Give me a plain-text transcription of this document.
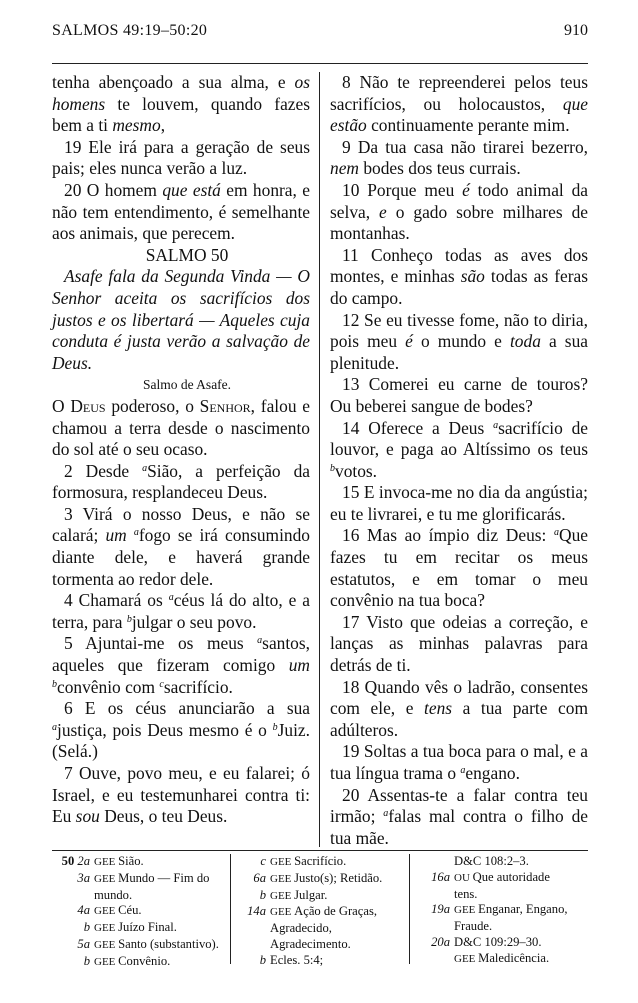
SALMOS 49:19–50:20	910

tenha abençoado a sua alma, e os homens te louvem, quando fazes bem a ti mesmo,

19 Ele irá para a geração de seus pais; eles nunca verão a luz.

20 O homem que está em honra, e não tem entendimento, é semelhante aos animais, que perecem.

SALMO 50

Asafe fala da Segunda Vinda — O Senhor aceita os sacrifícios dos justos e os libertará — Aqueles cuja conduta é justa verão a salvação de Deus.

Salmo de Asafe.

O Deus poderoso, o Senhor, falou e chamou a terra desde o nascimento do sol até o seu ocaso.

2 Desde $^a$Sião, a perfeição da formosura, resplandeceu Deus.

3 Virá o nosso Deus, e não se calará; um $^a$fogo se irá consumindo diante dele, e haverá grande tormenta ao redor dele.

4 Chamará os $^a$céus lá do alto, e a terra, para $^b$julgar o seu povo.

5 Ajuntai-me os meus $^a$santos, aqueles que fizeram comigo um $^b$convênio com $^c$sacrifício.

6 E os céus anunciarão a sua $^a$justiça, pois Deus mesmo é o $^b$Juiz. (Selá.)

7 Ouve, povo meu, e eu falarei; ó Israel, e eu testemunharei contra ti: Eu sou Deus, o teu Deus.

8 Não te repreenderei pelos teus sacrifícios, ou holocaustos, que estão continuamente perante mim.

9 Da tua casa não tirarei bezerro, nem bodes dos teus currais.

10 Porque meu é todo animal da selva, e o gado sobre milhares de montanhas.

11 Conheço todas as aves dos montes, e minhas são todas as feras do campo.

12 Se eu tivesse fome, não to diria, pois meu é o mundo e toda a sua plenitude.

13 Comerei eu carne de touros? Ou beberei sangue de bodes?

14 Oferece a Deus $^a$sacrifício de louvor, e paga ao Altíssimo os teus $^b$votos.

15 E invoca-me no dia da angústia; eu te livrarei, e tu me glorificarás.

16 Mas ao ímpio diz Deus: $^a$Que fazes tu em recitar os meus estatutos, e em tomar o meu convênio na tua boca?

17 Visto que odeias a correção, e lanças as minhas palavras para detrás de ti.

18 Quando vês o ladrão, consentes com ele, e tens a tua parte com adúlteros.

19 Soltas a tua boca para o mal, e a tua língua trama o $^a$engano.

20 Assentas-te a falar contra teu irmão; $^a$falas mal contra o filho de tua mãe.

50 2a GEE Sião.
3a GEE Mundo — Fim do
mundo.
4a GEE Céu.
b GEE Juízo Final.
5a GEE Santo (substantivo).
b GEE Convênio.
c GEE Sacrifício.
6a GEE Justo(s); Retidão.
b GEE Julgar.
14a GEE Ação de Graças,
Agradecido,
Agradecimento.
b Ecles. 5:4;
D&C 108:2–3.
16a OU Que autoridade
tens.
19a GEE Enganar, Engano,
Fraude.
20a D&C 109:29–30.
GEE Maledicência.
